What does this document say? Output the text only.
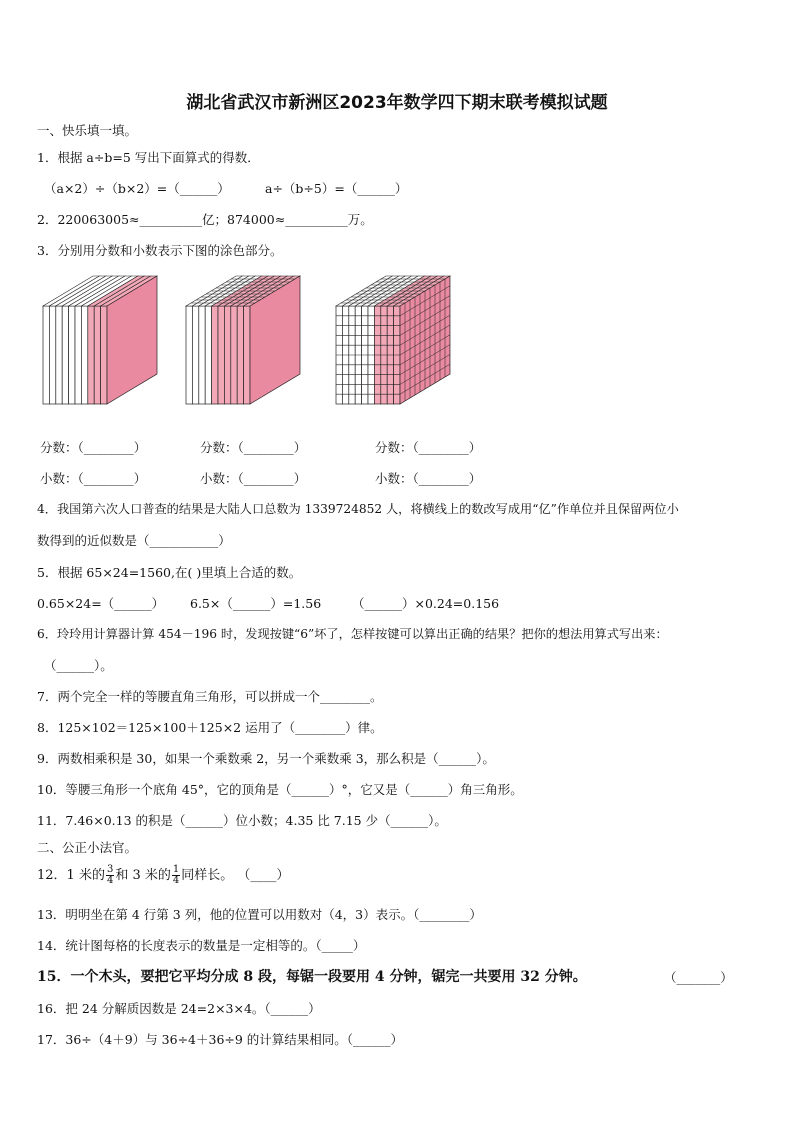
湖北省武汉市新洲区2023年数学四下期末联考模拟试题
一、快乐填一填。
1．根据 a÷b=5 写出下面算式的得数．
（a×2）÷（b×2）=（______）	a÷（b÷5）=（______）
2．220063005≈__________亿；874000≈__________万。
3．分别用分数和小数表示下图的涂色部分。
分数：（________）	分数：（________）	分数：（________）
小数：（________）	小数：（________）	小数：（________）
4．我国第六次人口普查的结果是大陆人口总数为 1339724852 人，将横线上的数改写成用“亿”作单位并且保留两位小
数得到的近似数是（___________）
5．根据 65×24=1560,在( )里填上合适的数。
0.65×24=（______） 6.5×（______）=1.56 （______）×0.24=0.156
6．玲玲用计算器计算 454－196 时，发现按键“6”坏了，怎样按键可以算出正确的结果？把你的想法用算式写出来：
（______）。
7．两个完全一样的等腰直角三角形，可以拼成一个________。
8．125×102＝125×100＋125×2 运用了（________）律。
9．两数相乘积是 30，如果一个乘数乘 2，另一个乘数乘 3，那么积是（______）。
10．等腰三角形一个底角 45°，它的顶角是（______）°，它又是（______）角三角形。
11．7.46×0.13 的积是（______）位小数；4.35 比 7.15 少（______）。
二、公正小法官。
12．1 米的 $\frac{3}{4}$ 和 3 米的 $\frac{1}{4}$ 同样长。 （____）
13．明明坐在第 4 行第 3 列，他的位置可以用数对（4，3）表示。（________）
14．统计图每格的长度表示的数量是一定相等的。（_____）
15．一个木头，要把它平均分成 8 段，每锯一段要用 4 分钟，锯完一共要用 32 分钟。	（_______）
16．把 24 分解质因数是 24=2×3×4。（______）
17．36÷（4＋9）与 36÷4＋36÷9 的计算结果相同。（______）
